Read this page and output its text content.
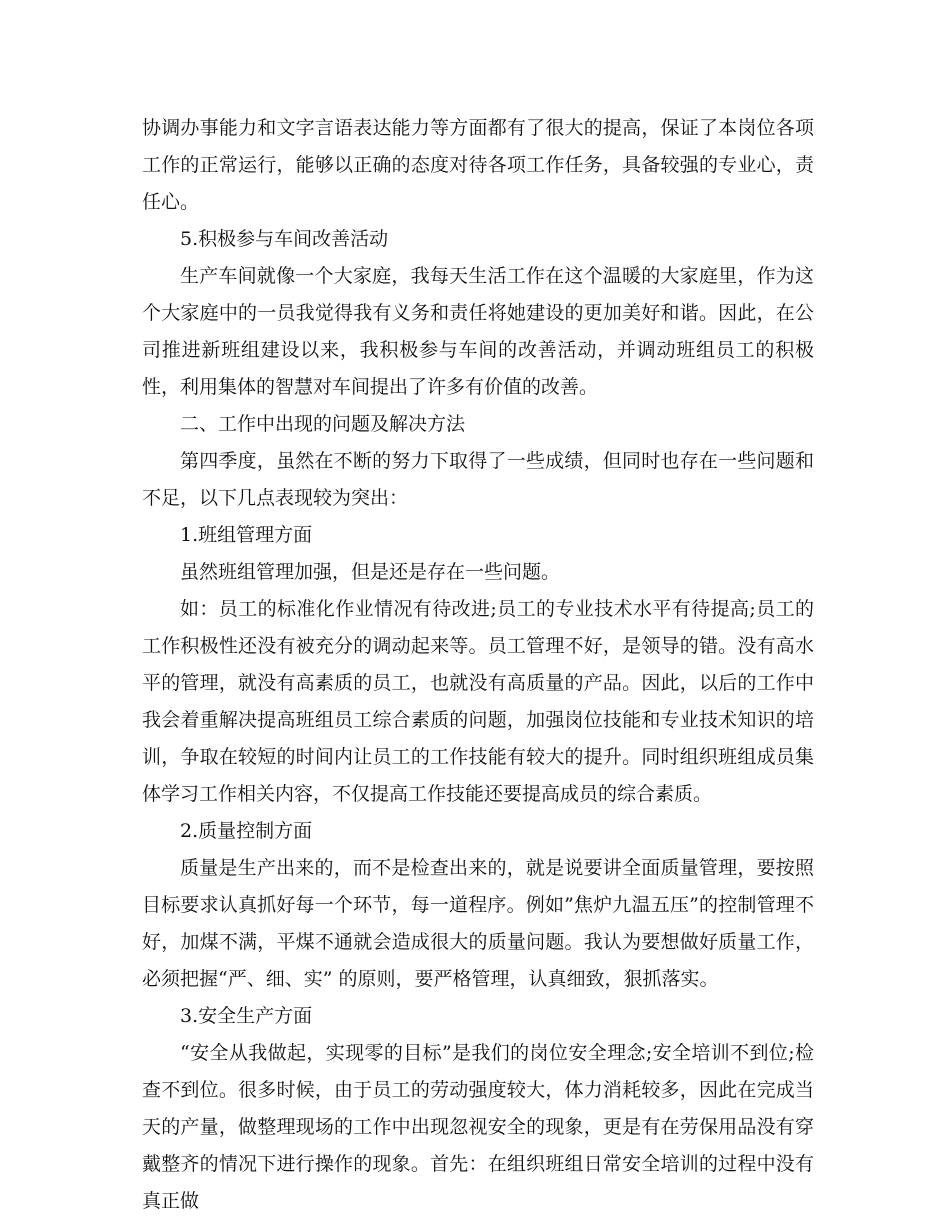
协调办事能力和文字言语表达能力等方面都有了很大的提高，保证了本岗位各项工作的正常运行，能够以正确的态度对待各项工作任务，具备较强的专业心，责任心。

5.积极参与车间改善活动

生产车间就像一个大家庭，我每天生活工作在这个温暖的大家庭里，作为这个大家庭中的一员我觉得我有义务和责任将她建设的更加美好和谐。因此，在公司推进新班组建设以来，我积极参与车间的改善活动，并调动班组员工的积极性，利用集体的智慧对车间提出了许多有价值的改善。

二、工作中出现的问题及解决方法

第四季度，虽然在不断的努力下取得了一些成绩，但同时也存在一些问题和不足，以下几点表现较为突出：

1.班组管理方面

虽然班组管理加强，但是还是存在一些问题。

如：员工的标准化作业情况有待改进;员工的专业技术水平有待提高;员工的工作积极性还没有被充分的调动起来等。员工管理不好，是领导的错。没有高水平的管理，就没有高素质的员工，也就没有高质量的产品。因此，以后的工作中我会着重解决提高班组员工综合素质的问题，加强岗位技能和专业技术知识的培训，争取在较短的时间内让员工的工作技能有较大的提升。同时组织班组成员集体学习工作相关内容，不仅提高工作技能还要提高成员的综合素质。

2.质量控制方面

质量是生产出来的，而不是检查出来的，就是说要讲全面质量管理，要按照目标要求认真抓好每一个环节，每一道程序。例如”焦炉九温五压”的控制管理不好，加煤不满，平煤不通就会造成很大的质量问题。我认为要想做好质量工作，必须把握“严、细、实” 的原则，要严格管理，认真细致，狠抓落实。

3.安全生产方面

“安全从我做起，实现零的目标”是我们的岗位安全理念;安全培训不到位;检查不到位。很多时候，由于员工的劳动强度较大，体力消耗较多，因此在完成当天的产量，做整理现场的工作中出现忽视安全的现象，更是有在劳保用品没有穿戴整齐的情况下进行操作的现象。首先：在组织班组日常安全培训的过程中没有真正做
